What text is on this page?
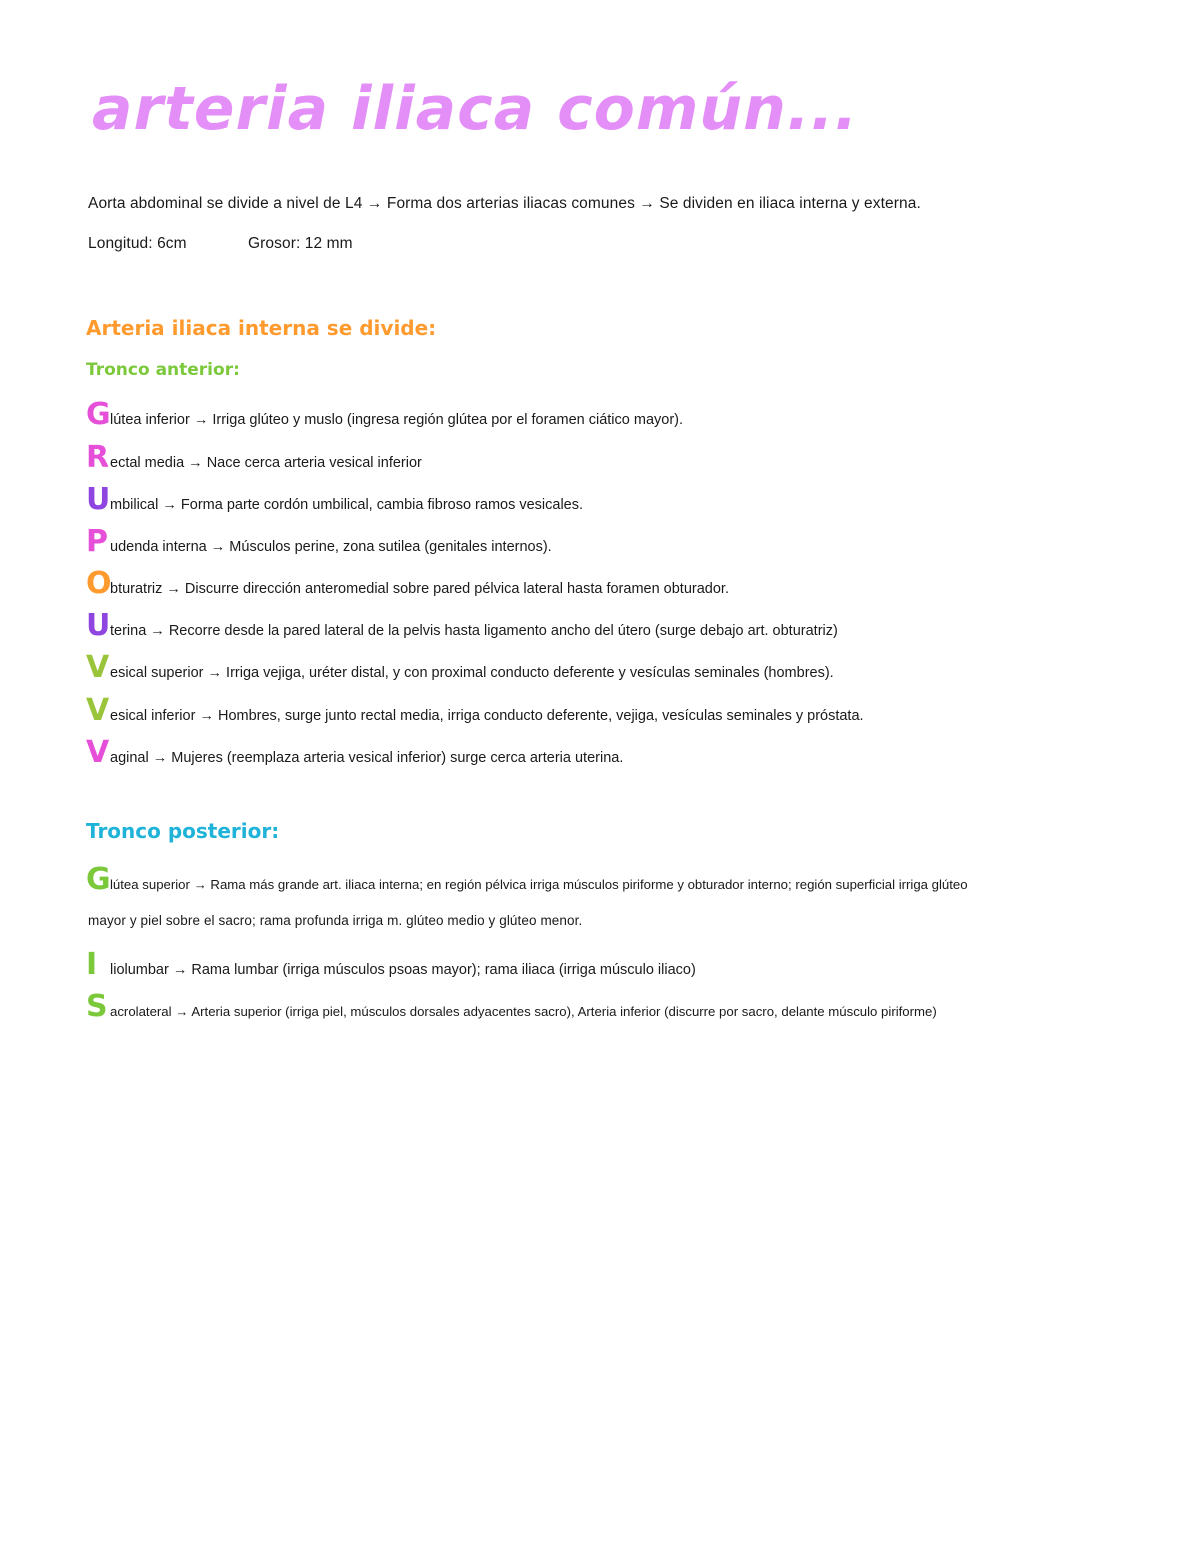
arteria iliaca común...
Aorta abdominal se divide a nivel de L4 → Forma dos arterias iliacas comunes → Se dividen en iliaca interna y externa.
Longitud: 6cm	Grosor: 12 mm
Arteria iliaca interna se divide:
Tronco anterior:
G lútea inferior → Irriga glúteo y muslo (ingresa región glútea por el foramen ciático mayor).
R ectal media → Nace cerca arteria vesical inferior
U mbilical → Forma parte cordón umbilical, cambia fibroso ramos vesicales.
P udenda interna → Músculos perine, zona sutilea (genitales internos).
O
bturatriz → Discurre dirección anteromedial sobre pared pélvica lateral hasta foramen obturador.
U terina → Recorre desde la pared lateral de la pelvis hasta ligamento ancho del útero (surge debajo art. obturatriz)
V esical superior → Irriga vejiga, uréter distal, y con proximal conducto deferente y vesículas seminales (hombres).
V esical inferior → Hombres, surge junto rectal media, irriga conducto deferente, vejiga, vesículas seminales y próstata.
V aginal → Mujeres (reemplaza arteria vesical inferior) surge cerca arteria uterina.
Tronco posterior:
G lútea superior → Rama más grande art. iliaca interna; en región pélvica irriga músculos piriforme y obturador interno; región superficial irriga glúteo
mayor y piel sobre el sacro; rama profunda irriga m. glúteo medio y glúteo menor.
I liolumbar → Rama lumbar (irriga músculos psoas mayor); rama iliaca (irriga músculo iliaco)
S acrolateral → Arteria superior (irriga piel, músculos dorsales adyacentes sacro), Arteria inferior (discurre por sacro, delante músculo piriforme)
